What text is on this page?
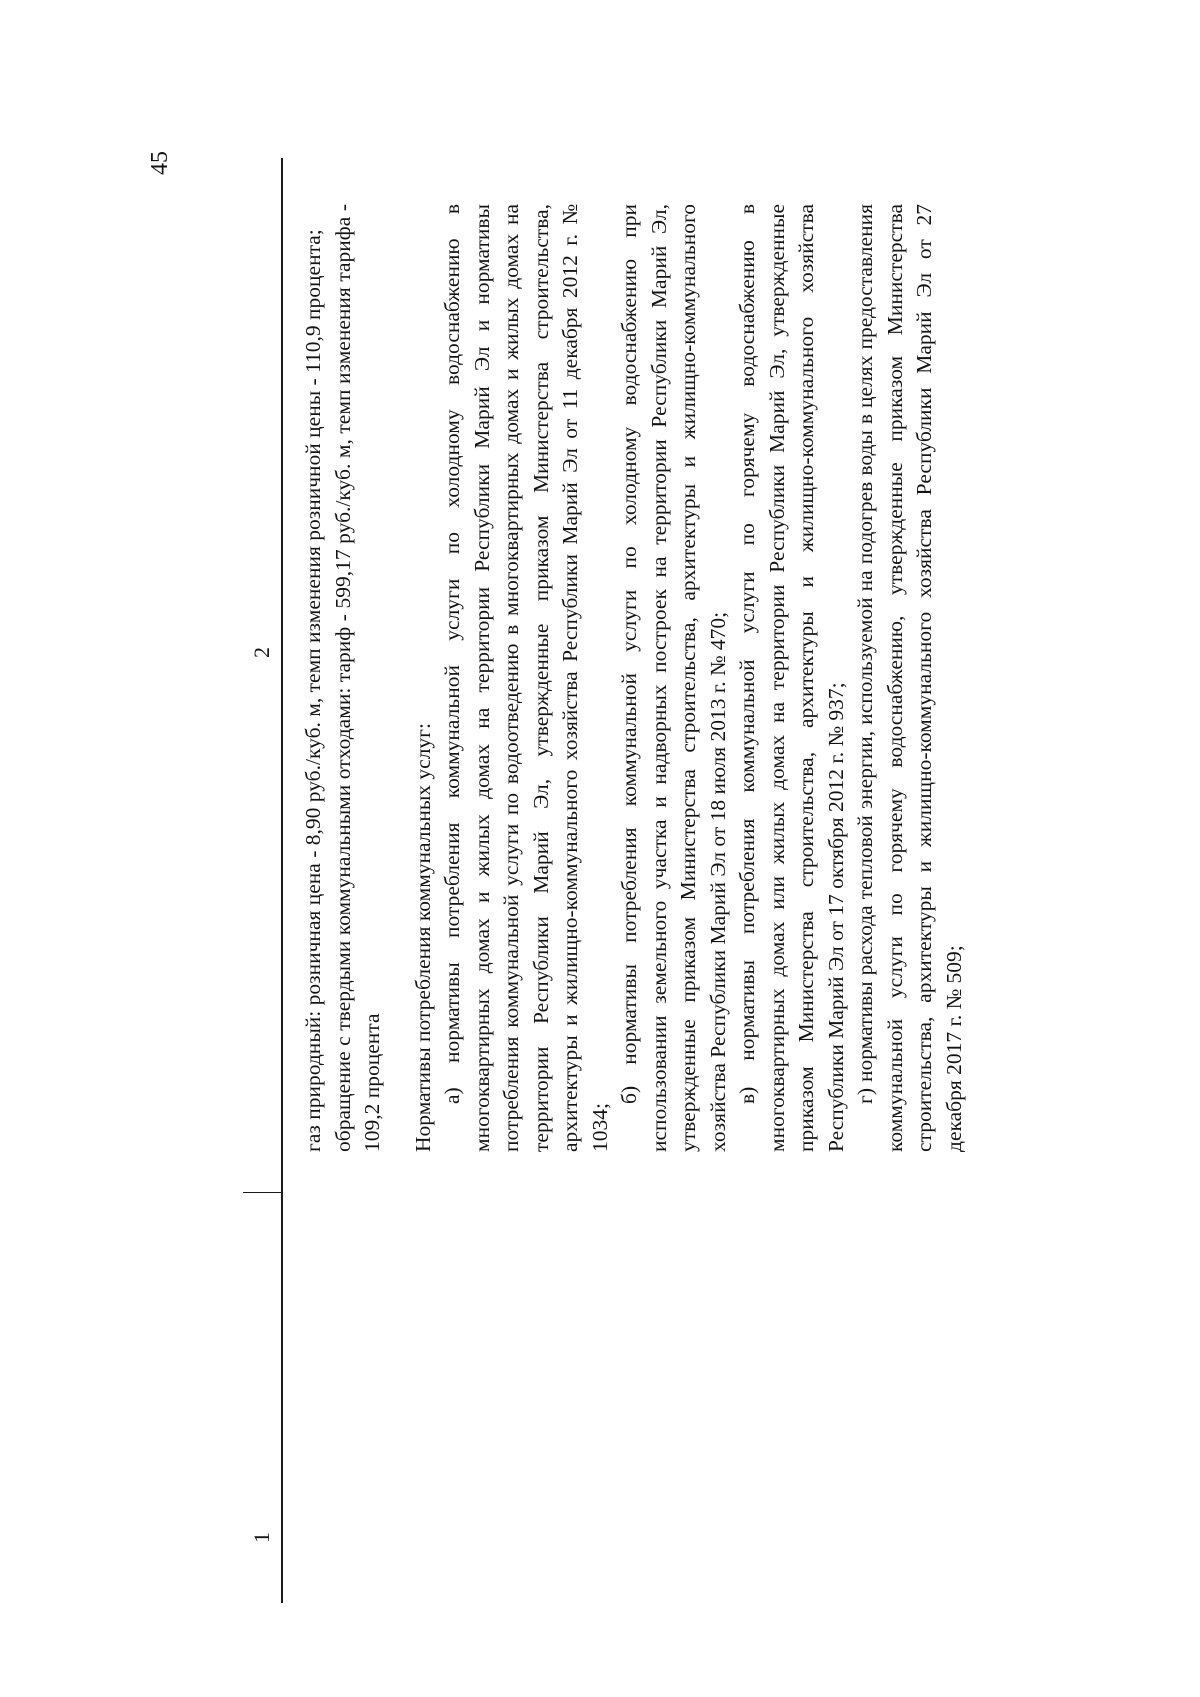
45
1
2 газ природный: розничная цена - 8,90 руб./куб. м, темп изменения розничной цены - 110,9 процента; обращение с твердыми коммунальными отходами: тариф - 599,17 руб./куб. м, темп изменения тарифа - 109,2 процента Нормативы потребления коммунальных услуг: а) нормативы потребления коммунальной услуги по холодному водоснабжению в многоквартирных домах и жилых домах на территории Республики Марий Эл и нормативы потребления коммунальной услуги по водоотведению в многоквартирных домах и жилых домах на территории Республики Марий Эл, утвержденные приказом Министерства строительства, архитектуры и жилищно-коммунального хозяйства Республики Марий Эл от 11 декабря 2012 г. № 1034;

б) нормативы потребления коммунальной услуги по холодному водоснабжению при использовании земельного участка и надворных построек на территории Республики Марий Эл, утвержденные приказом Министерства строительства, архитектуры и жилищно-коммунального хозяйства Республики Марий Эл от 18 июля 2013 г. № 470; в) нормативы потребления коммунальной услуги по горячему водоснабжению в многоквартирных домах или жилых домах на территории Республики Марий Эл, утвержденные приказом Министерства строительства, архитектуры и жилищно-коммунального хозяйства Республики Марий Эл от 17 октября 2012 г. № 937; г) нормативы расхода тепловой энергии, используемой на подогрев воды в целях предоставления коммунальной услуги по горячему водоснабжению, утвержденные приказом Министерства строительства, архитектуры и жилищно-коммунального хозяйства Республики Марий Эл от 27 декабря 2017 г. № 509;
